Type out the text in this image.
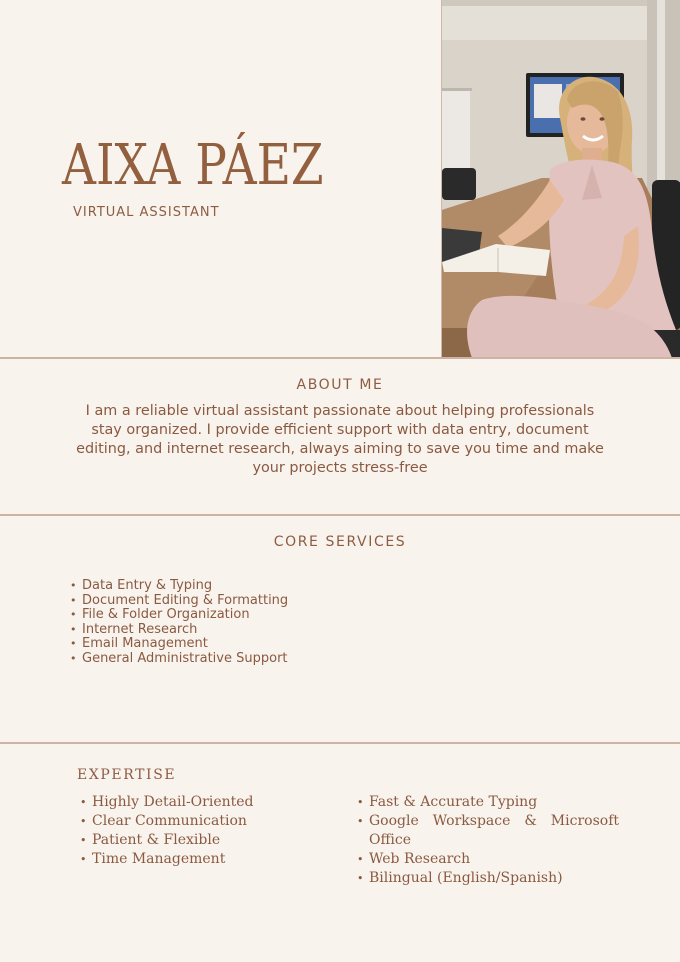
AIXA PÁEZ
VIRTUAL ASSISTANT
ABOUT ME
I am a reliable virtual assistant passionate about helping professionals stay organized. I provide efficient support with data entry, document editing, and internet research, always aiming to save you time and make your projects stress-free
CORE SERVICES
• Data Entry & Typing
• Document Editing & Formatting
• File & Folder Organization
• Internet Research
• Email Management
• General Administrative Support
EXPERTISE
• Highly Detail-Oriented
• Clear Communication
• Patient & Flexible
• Time Management
• Fast & Accurate Typing
• Google Workspace & Microsoft Office
• Web Research
• Bilingual (English/Spanish)
